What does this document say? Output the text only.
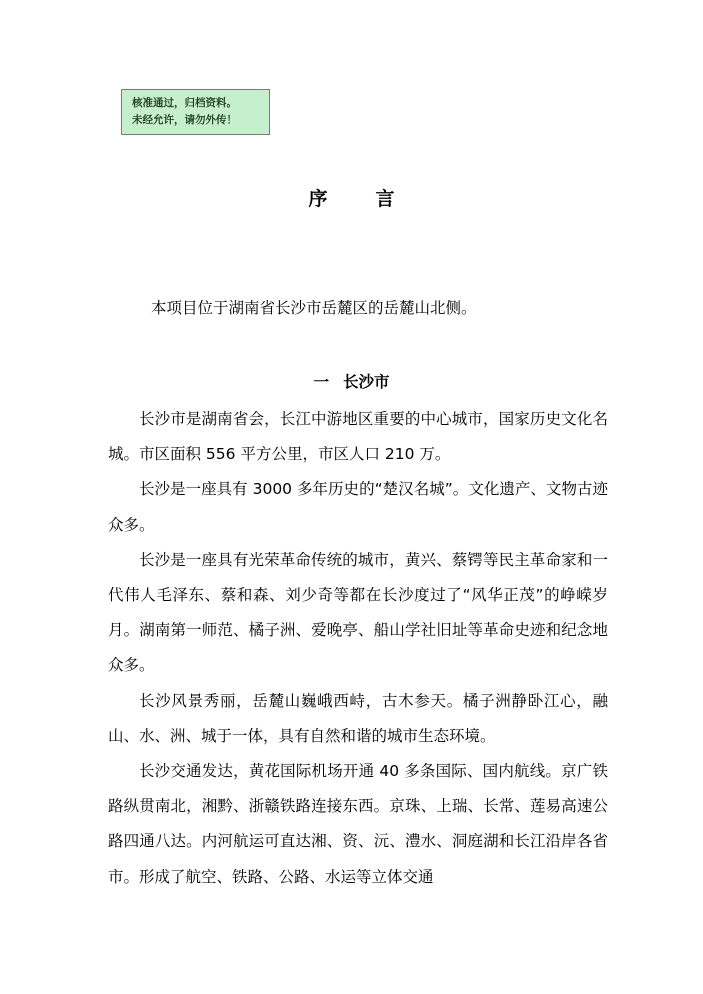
核准通过，归档资料。
未经允许，请勿外传！
序	言
本项目位于湖南省长沙市岳麓区的岳麓山北侧。
一 长沙市

长沙市是湖南省会，长江中游地区重要的中心城市，国家历史文化名城。市区面积 556 平方公里，市区人口 210 万。

长沙是一座具有 3000 多年历史的“楚汉名城”。文化遗产、文物古迹众多。

长沙是一座具有光荣革命传统的城市，黄兴、蔡锷等民主革命家和一代伟人毛泽东、蔡和森、刘少奇等都在长沙度过了“风华正茂”的峥嵘岁月。湖南第一师范、橘子洲、爱晚亭、船山学社旧址等革命史迹和纪念地众多。

长沙风景秀丽，岳麓山巍峨西峙，古木参天。橘子洲静卧江心，融山、水、洲、城于一体，具有自然和谐的城市生态环境。

长沙交通发达，黄花国际机场开通 40 多条国际、国内航线。京广铁路纵贯南北，湘黔、浙赣铁路连接东西。京珠、上瑞、长常、莲易高速公路四通八达。内河航运可直达湘、资、沅、澧水、洞庭湖和长江沿岸各省市。形成了航空、铁路、公路、水运等立体交通
